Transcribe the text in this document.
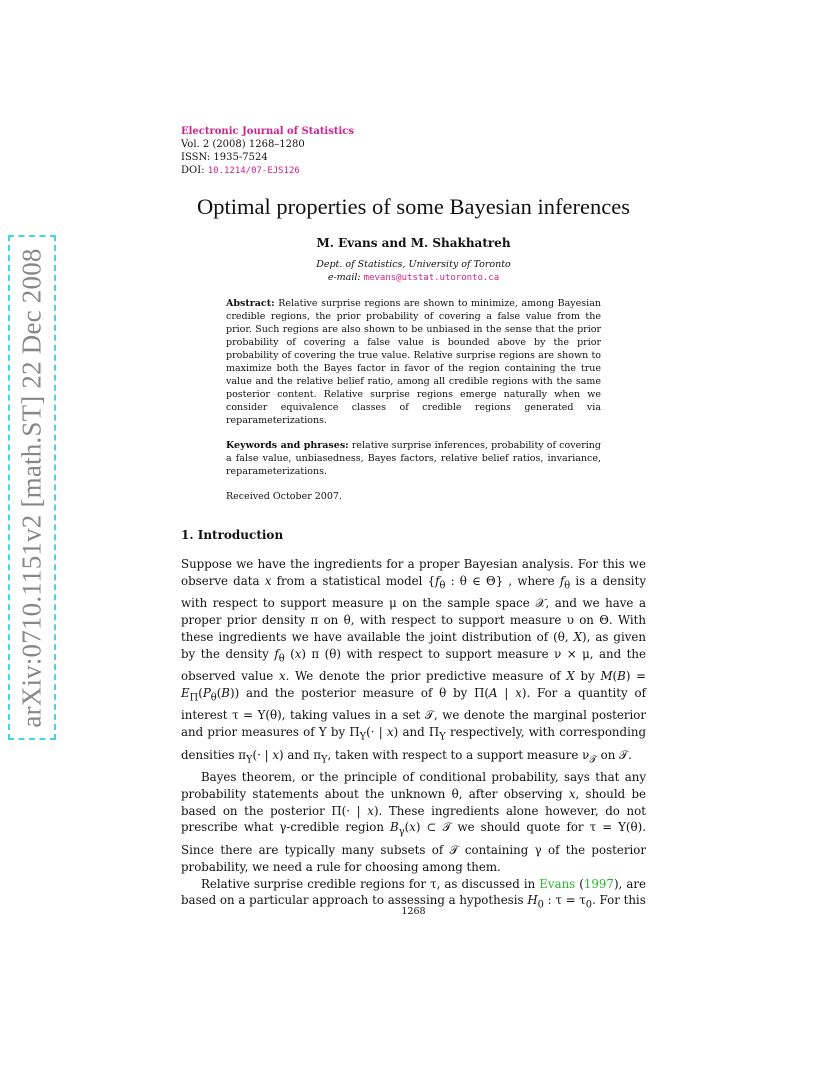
arXiv:0710.1151v2 [math.ST] 22 Dec 2008
Electronic Journal of Statistics
Vol. 2 (2008) 1268–1280
ISSN: 1935-7524
DOI: 10.1214/07-EJS126
Optimal properties of some Bayesian inferences
M. Evans and M. Shakhatreh
Dept. of Statistics, University of Toronto
e-mail: mevans@utstat.utoronto.ca
Abstract: Relative surprise regions are shown to minimize, among Bayesian credible regions, the prior probability of covering a false value from the prior. Such regions are also shown to be unbiased in the sense that the prior probability of covering a false value is bounded above by the prior probability of covering the true value. Relative surprise regions are shown to maximize both the Bayes factor in favor of the region containing the true value and the relative belief ratio, among all credible regions with the same posterior content. Relative surprise regions emerge naturally when we consider equivalence classes of credible regions generated via reparameterizations.
Keywords and phrases: relative surprise inferences, probability of covering a false value, unbiasedness, Bayes factors, relative belief ratios, invariance, reparameterizations.
Received October 2007.
1. Introduction

Suppose we have the ingredients for a proper Bayesian analysis. For this we observe data x from a statistical model {$f_\theta$ : θ ∈ Θ} , where $f_\theta$ is a density with respect to support measure μ on the sample space 𝒳, and we have a proper prior density π on θ, with respect to support measure υ on Θ. With these ingredients we have available the joint distribution of (θ, X), as given by the density $f_\theta$ (x) π (θ) with respect to support measure ν × μ, and the observed value x. We denote the prior predictive measure of X by $M(B) = E_\Pi(P_\theta(B))$ and the posterior measure of θ by Π(A | x). For a quantity of interest τ = Υ(θ), taking values in a set 𝒯, we denote the marginal posterior and prior measures of Υ by $\Pi_\Upsilon(\cdot$ | x) and $\Pi_\Upsilon$ respectively, with corresponding densities $\pi_\Upsilon(\cdot$ | x) and $\pi_\Upsilon$, taken with respect to a support measure $\nu_𝒯$ on 𝒯.

Bayes theorem, or the principle of conditional probability, says that any probability statements about the unknown θ, after observing x, should be based on the posterior Π(· | x). These ingredients alone however, do not prescribe what γ-credible region $B_\gamma(x)$ ⊂ 𝒯 we should quote for τ = Υ(θ). Since there are typically many subsets of 𝒯 containing γ of the posterior probability, we need a rule for choosing among them.

Relative surprise credible regions for τ, as discussed in Evans (1997), are based on a particular approach to assessing a hypothesis $H_0$ : $\tau = \tau_0$. For this

1268
